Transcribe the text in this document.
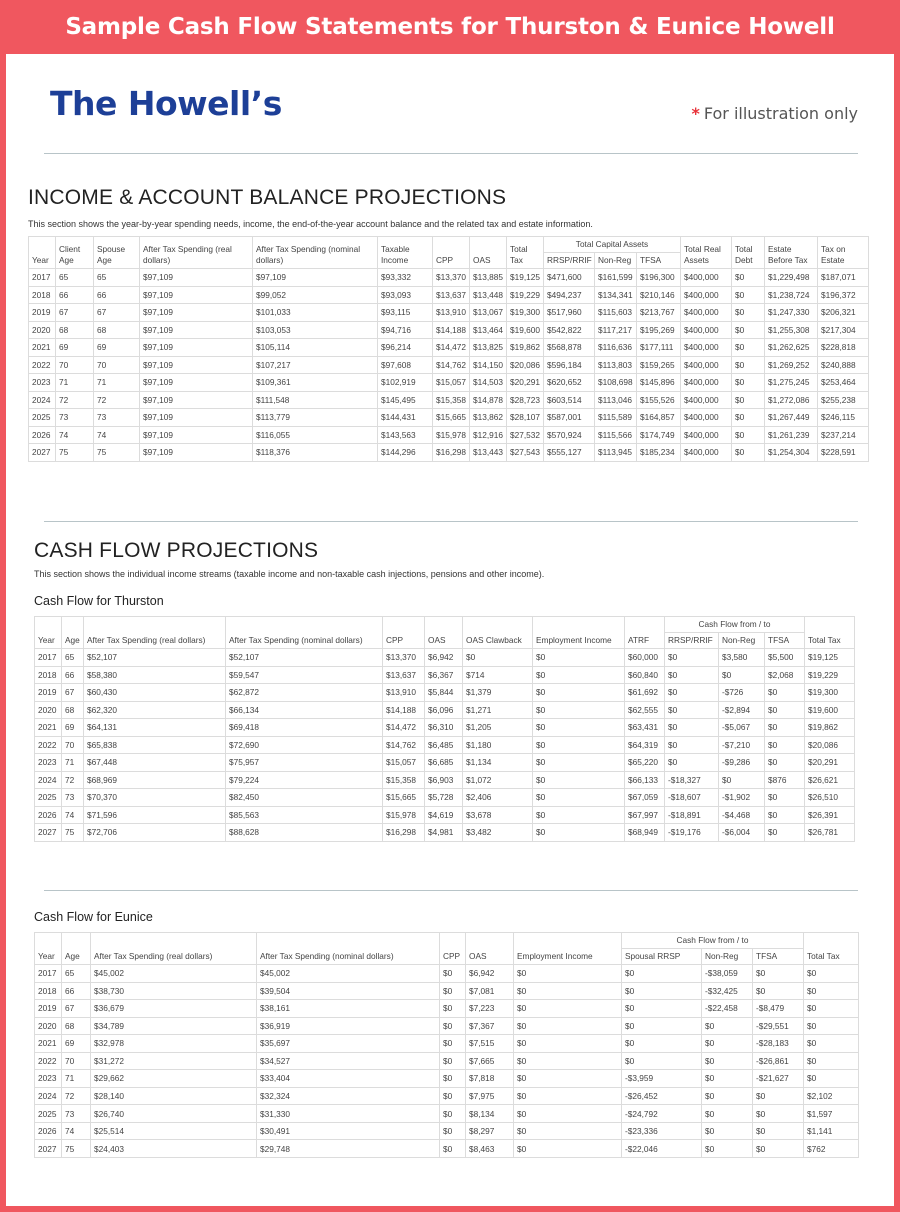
Sample Cash Flow Statements for Thurston & Eunice Howell
The Howell’s	* For illustration only
INCOME & ACCOUNT BALANCE PROJECTIONS
This section shows the year-by-year spending needs, income, the end-of-the-year account balance and the related tax and estate information.
Year	Client Age	Spouse Age	After Tax Spending (real dollars)	After Tax Spending (nominal dollars)	Taxable Income	CPP	OAS	Total Tax	Total Capital Assets			Total Real Assets	Total Debt	Estate Before Tax	Tax on Estate
									RRSP/RRIF	Non-Reg	TFSA				
2017	65	65	$97,109	$97,109	$93,332	$13,370	$13,885	$19,125	$471,600	$161,599	$196,300	$400,000	$0	$1,229,498	$187,071
2018	66	66	$97,109	$99,052	$93,093	$13,637	$13,448	$19,229	$494,237	$134,341	$210,146	$400,000	$0	$1,238,724	$196,372
2019	67	67	$97,109	$101,033	$93,115	$13,910	$13,067	$19,300	$517,960	$115,603	$213,767	$400,000	$0	$1,247,330	$206,321
2020	68	68	$97,109	$103,053	$94,716	$14,188	$13,464	$19,600	$542,822	$117,217	$195,269	$400,000	$0	$1,255,308	$217,304
2021	69	69	$97,109	$105,114	$96,214	$14,472	$13,825	$19,862	$568,878	$116,636	$177,111	$400,000	$0	$1,262,625	$228,818
2022	70	70	$97,109	$107,217	$97,608	$14,762	$14,150	$20,086	$596,184	$113,803	$159,265	$400,000	$0	$1,269,252	$240,888
2023	71	71	$97,109	$109,361	$102,919	$15,057	$14,503	$20,291	$620,652	$108,698	$145,896	$400,000	$0	$1,275,245	$253,464
2024	72	72	$97,109	$111,548	$145,495	$15,358	$14,878	$28,723	$603,514	$113,046	$155,526	$400,000	$0	$1,272,086	$255,238
2025	73	73	$97,109	$113,779	$144,431	$15,665	$13,862	$28,107	$587,001	$115,589	$164,857	$400,000	$0	$1,267,449	$246,115
2026	74	74	$97,109	$116,055	$143,563	$15,978	$12,916	$27,532	$570,924	$115,566	$174,749	$400,000	$0	$1,261,239	$237,214
2027	75	75	$97,109	$118,376	$144,296	$16,298	$13,443	$27,543	$555,127	$113,945	$185,234	$400,000	$0	$1,254,304	$228,591
CASH FLOW PROJECTIONS
This section shows the individual income streams (taxable income and non-taxable cash injections, pensions and other income).
Cash Flow for Thurston
Year	Age	After Tax Spending (real dollars)	After Tax Spending (nominal dollars)	CPP	OAS	OAS Clawback	Employment Income	ATRF	Cash Flow from / to			Total Tax
									RRSP/RRIF	Non-Reg	TFSA	
2017	65	$52,107	$52,107	$13,370	$6,942	$0	$0	$60,000	$0	$3,580	$5,500	$19,125
2018	66	$58,380	$59,547	$13,637	$6,367	$714	$0	$60,840	$0	$0	$2,068	$19,229
2019	67	$60,430	$62,872	$13,910	$5,844	$1,379	$0	$61,692	$0	-$726	$0	$19,300
2020	68	$62,320	$66,134	$14,188	$6,096	$1,271	$0	$62,555	$0	-$2,894	$0	$19,600
2021	69	$64,131	$69,418	$14,472	$6,310	$1,205	$0	$63,431	$0	-$5,067	$0	$19,862
2022	70	$65,838	$72,690	$14,762	$6,485	$1,180	$0	$64,319	$0	-$7,210	$0	$20,086
2023	71	$67,448	$75,957	$15,057	$6,685	$1,134	$0	$65,220	$0	-$9,286	$0	$20,291
2024	72	$68,969	$79,224	$15,358	$6,903	$1,072	$0	$66,133	-$18,327	$0	$876	$26,621
2025	73	$70,370	$82,450	$15,665	$5,728	$2,406	$0	$67,059	-$18,607	-$1,902	$0	$26,510
2026	74	$71,596	$85,563	$15,978	$4,619	$3,678	$0	$67,997	-$18,891	-$4,468	$0	$26,391
2027	75	$72,706	$88,628	$16,298	$4,981	$3,482	$0	$68,949	-$19,176	-$6,004	$0	$26,781
Cash Flow for Eunice
Year	Age	After Tax Spending (real dollars)	After Tax Spending (nominal dollars)	CPP	OAS	Employment Income	Cash Flow from / to			Total Tax
							Spousal RRSP	Non-Reg	TFSA	
2017	65	$45,002	$45,002	$0	$6,942	$0	$0	-$38,059	$0	$0
2018	66	$38,730	$39,504	$0	$7,081	$0	$0	-$32,425	$0	$0
2019	67	$36,679	$38,161	$0	$7,223	$0	$0	-$22,458	-$8,479	$0
2020	68	$34,789	$36,919	$0	$7,367	$0	$0	$0	-$29,551	$0
2021	69	$32,978	$35,697	$0	$7,515	$0	$0	$0	-$28,183	$0
2022	70	$31,272	$34,527	$0	$7,665	$0	$0	$0	-$26,861	$0
2023	71	$29,662	$33,404	$0	$7,818	$0	-$3,959	$0	-$21,627	$0
2024	72	$28,140	$32,324	$0	$7,975	$0	-$26,452	$0	$0	$2,102
2025	73	$26,740	$31,330	$0	$8,134	$0	-$24,792	$0	$0	$1,597
2026	74	$25,514	$30,491	$0	$8,297	$0	-$23,336	$0	$0	$1,141
2027	75	$24,403	$29,748	$0	$8,463	$0	-$22,046	$0	$0	$762
